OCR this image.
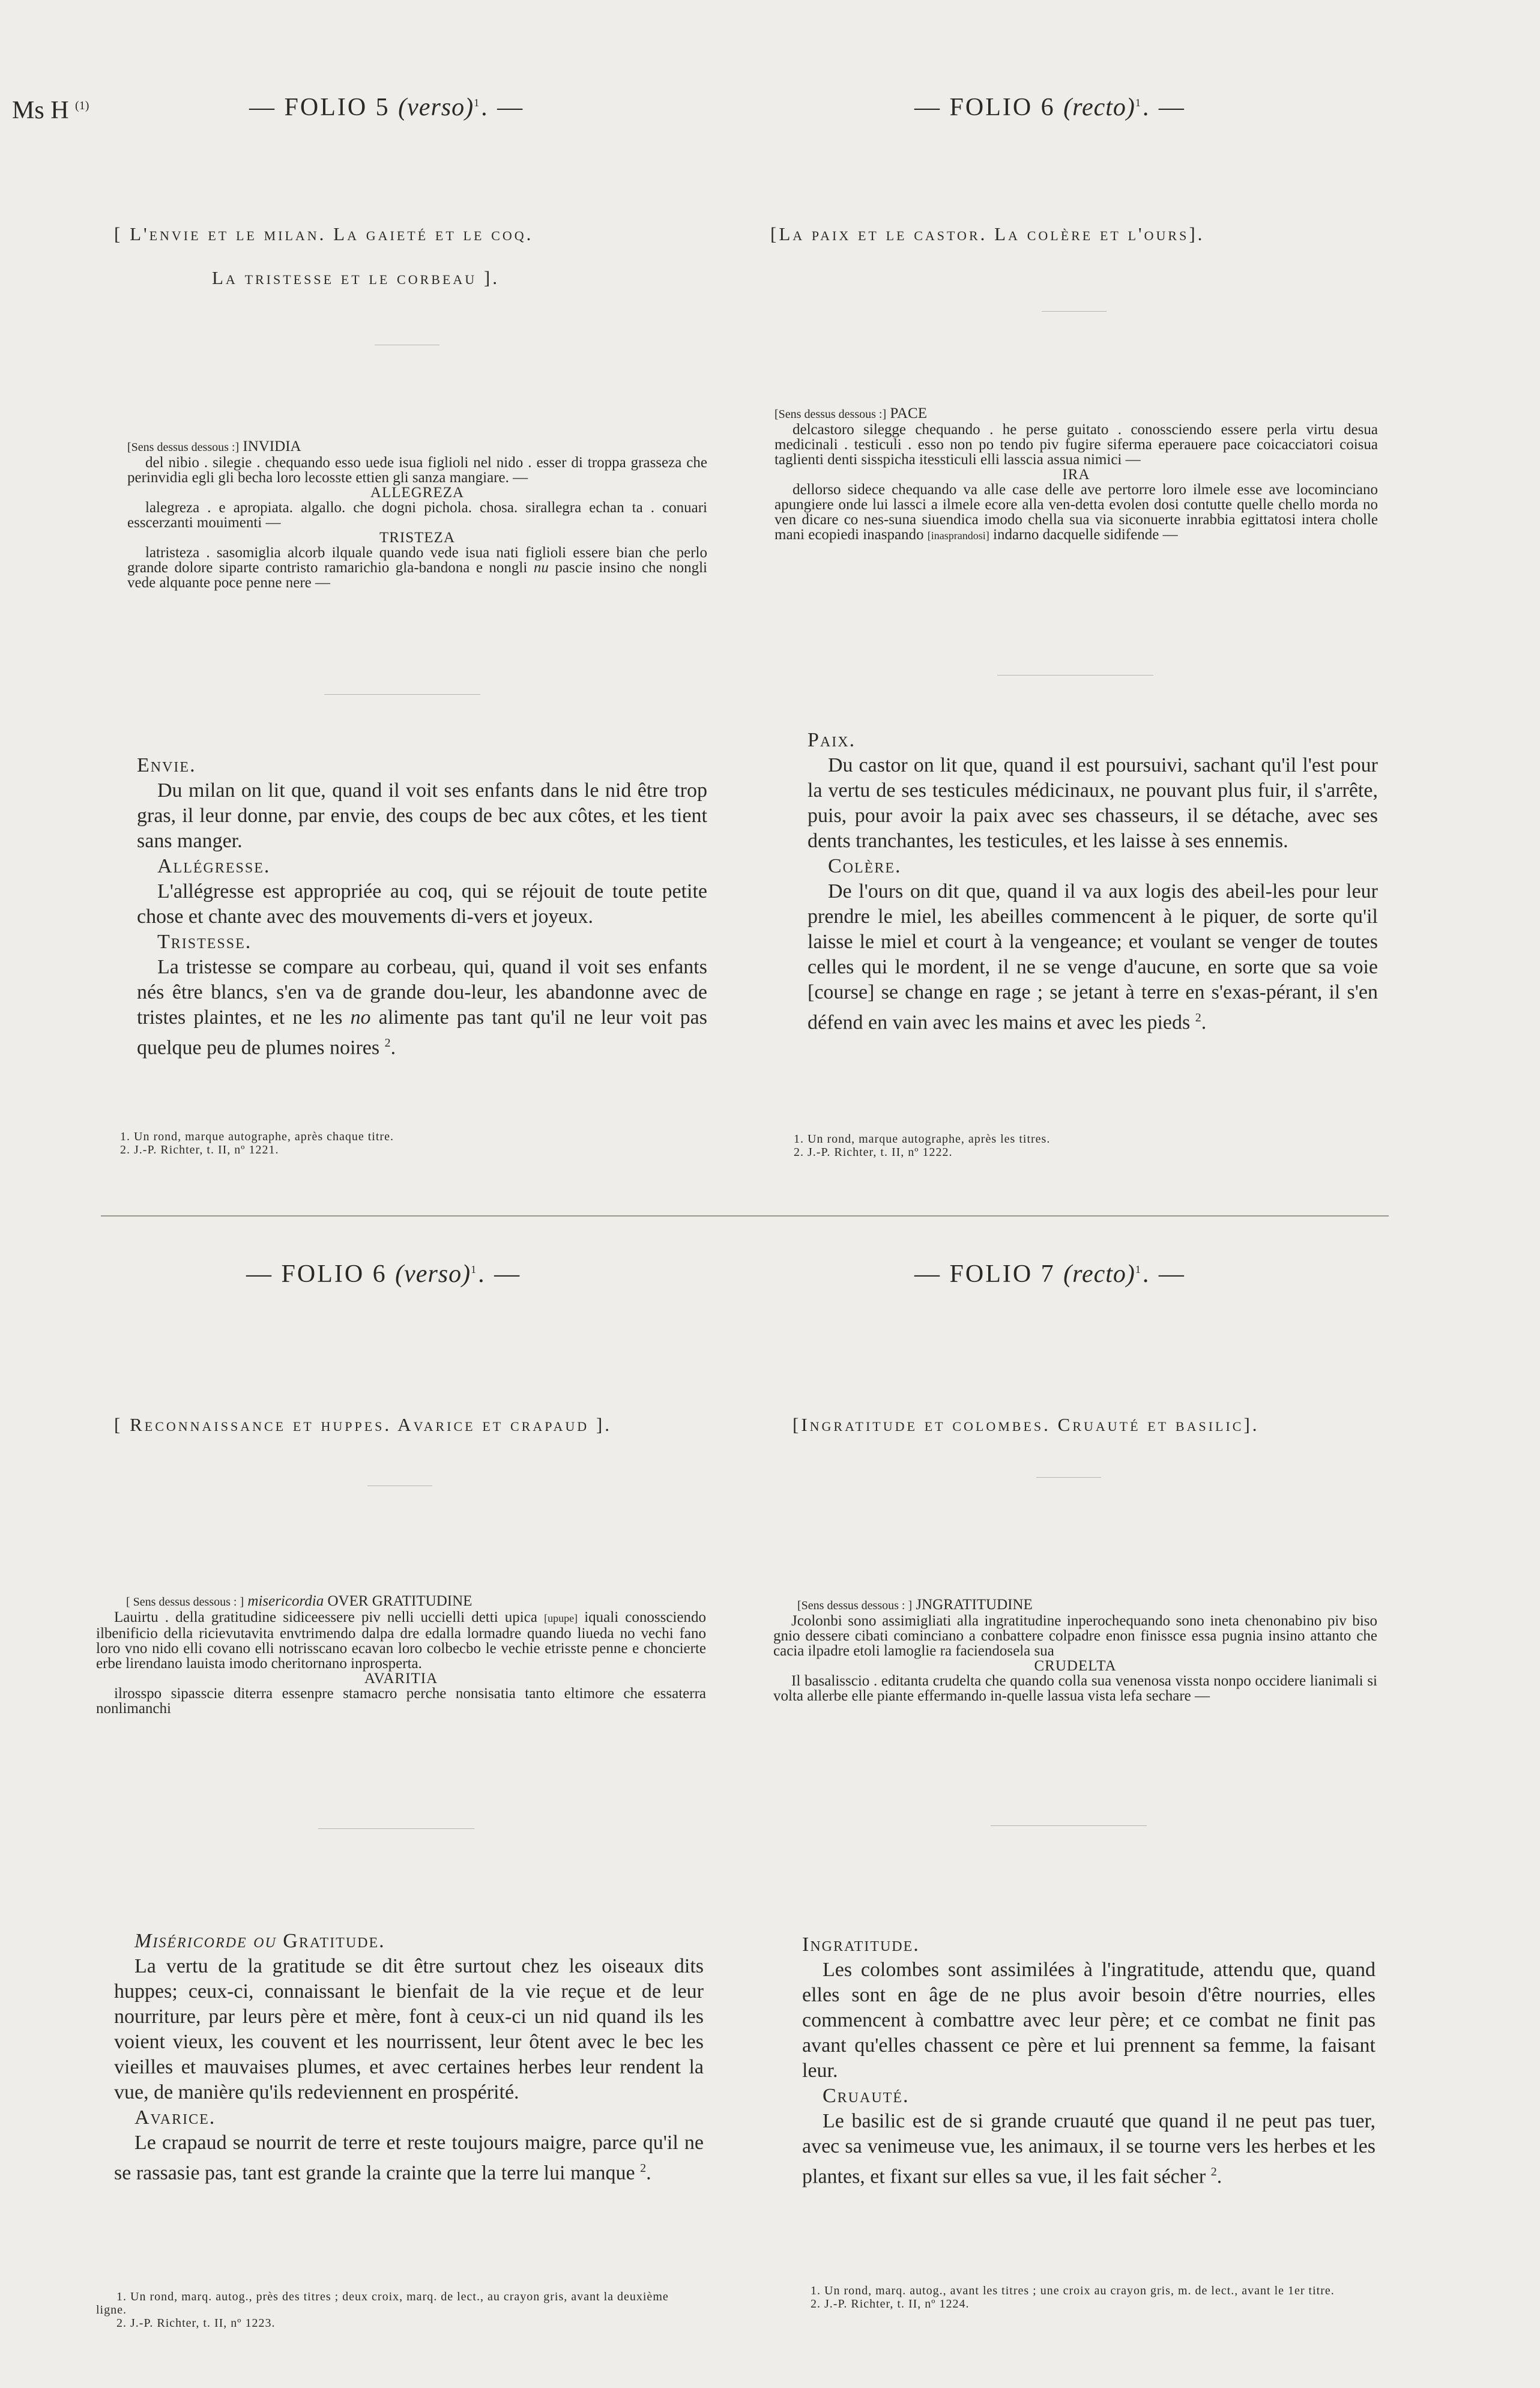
Ms H $^{(1)}$	— FOLIO 5 (verso)$^1$. —
[ L'envie et le milan. La gaieté et le coq.
La tristesse et le corbeau ].
[Sens dessus dessous :] INVIDIA
del nibio . silegie . chequando esso uede isua figlioli nel nido . esser di troppa grasseza che perinvidia egli gli becha loro lecosste ettien gli sanza mangiare. —
ALLEGREZA
lalegreza . e apropiata. algallo. che dogni pichola. chosa. sirallegra echan ta . conuari esscerzanti mouimenti —
TRISTEZA
latristeza . sasomiglia alcorb ilquale quando vede isua nati figlioli essere bian che perlo grande dolore siparte contristo ramarichio gla-bandona e nongli nu pascie insino che nongli vede alquante poce penne nere —
Envie.
Du milan on lit que, quand il voit ses enfants dans le nid être trop gras, il leur donne, par envie, des coups de bec aux côtes, et les tient sans manger.
Allégresse.
L'allégresse est appropriée au coq, qui se réjouit de toute petite chose et chante avec des mouvements di-vers et joyeux.
Tristesse.
La tristesse se compare au corbeau, qui, quand il voit ses enfants nés être blancs, s'en va de grande dou-leur, les abandonne avec de tristes plaintes, et ne les no alimente pas tant qu'il ne leur voit pas quelque peu de plumes noires $^2$.
1. Un rond, marque autographe, après chaque titre.
2. J.-P. Richter, t. II, nº 1221.
— FOLIO 6 (recto)$^1$. —
[La paix et le castor. La colère et l'ours].
[Sens dessus dessous :] PACE
delcastoro silegge chequando . he perse guitato . conossciendo essere perla virtu desua medicinali . testiculi . esso non po tendo piv fugire siferma eperauere pace coicacciatori coisua taglienti denti sisspicha itessticuli elli lasscia assua nimici —
IRA
dellorso sidece chequando va alle case delle ave pertorre loro ilmele esse ave locominciano apungiere onde lui lassci a ilmele ecore alla ven-detta evolen dosi contutte quelle chello morda no ven dicare co nes-suna siuendica imodo chella sua via siconuerte inrabbia egittatosi intera cholle mani ecopiedi inaspando [inasprandosi] indarno dacquelle sidifende —
Paix.
Du castor on lit que, quand il est poursuivi, sachant qu'il l'est pour la vertu de ses testicules médicinaux, ne pouvant plus fuir, il s'arrête, puis, pour avoir la paix avec ses chasseurs, il se détache, avec ses dents tranchantes, les testicules, et les laisse à ses ennemis.
Colère.
De l'ours on dit que, quand il va aux logis des abeil-les pour leur prendre le miel, les abeilles commencent à le piquer, de sorte qu'il laisse le miel et court à la vengeance; et voulant se venger de toutes celles qui le mordent, il ne se venge d'aucune, en sorte que sa voie [course] se change en rage ; se jetant à terre en s'exas-pérant, il s'en défend en vain avec les mains et avec les pieds $^2$.
1. Un rond, marque autographe, après les titres.
2. J.-P. Richter, t. II, nº 1222.
— FOLIO 6 (verso)$^1$. —
[ Reconnaissance et huppes. Avarice et crapaud ].
[ Sens dessus dessous : ] misericordia OVER GRATITUDINE
Lauirtu . della gratitudine sidiceessere piv nelli uccielli detti upica [upupe] iquali conossciendo ilbenificio della ricievutavita envtrimendo dalpa dre edalla lormadre quando liueda no vechi fano loro vno nido elli covano elli notrisscano ecavan loro colbecbo le vechie etrisste penne e choncierte erbe lirendano lauista imodo cheritornano inprosperta.
AVARITIA
ilrosspo sipasscie diterra essenpre stamacro perche nonsisatia tanto eltimore che essaterra nonlimanchi
Miséricorde ou Gratitude.
La vertu de la gratitude se dit être surtout chez les oiseaux dits huppes; ceux-ci, connaissant le bienfait de la vie reçue et de leur nourriture, par leurs père et mère, font à ceux-ci un nid quand ils les voient vieux, les couvent et les nourrissent, leur ôtent avec le bec les vieilles et mauvaises plumes, et avec certaines herbes leur rendent la vue, de manière qu'ils redeviennent en prospérité.
Avarice.
Le crapaud se nourrit de terre et reste toujours maigre, parce qu'il ne se rassasie pas, tant est grande la crainte que la terre lui manque $^2$.
1. Un rond, marq. autog., près des titres ; deux croix, marq. de lect., au crayon gris, avant la deuxième ligne.
2. J.-P. Richter, t. II, nº 1223.
— FOLIO 7 (recto)$^1$. —
[Ingratitude et colombes. Cruauté et basilic].
[Sens dessus dessous : ] JNGRATITUDINE
Jcolonbi sono assimigliati alla ingratitudine inperochequando sono ineta chenonabino piv biso gnio dessere cibati cominciano a conbattere colpadre enon finissce essa pugnia insino attanto che cacia ilpadre etoli lamoglie ra faciendosela sua
CRUDELTA
Il basalisscio . editanta crudelta che quando colla sua venenosa vissta nonpo occidere lianimali si volta allerbe elle piante effermando in-quelle lassua vista lefa sechare —
Ingratitude.
Les colombes sont assimilées à l'ingratitude, attendu que, quand elles sont en âge de ne plus avoir besoin d'être nourries, elles commencent à combattre avec leur père; et ce combat ne finit pas avant qu'elles chassent ce père et lui prennent sa femme, la faisant leur.
Cruauté.
Le basilic est de si grande cruauté que quand il ne peut pas tuer, avec sa venimeuse vue, les animaux, il se tourne vers les herbes et les plantes, et fixant sur elles sa vue, il les fait sécher $^2$.
1. Un rond, marq. autog., avant les titres ; une croix au crayon gris, m. de lect., avant le 1er titre.
2. J.-P. Richter, t. II, nº 1224.
